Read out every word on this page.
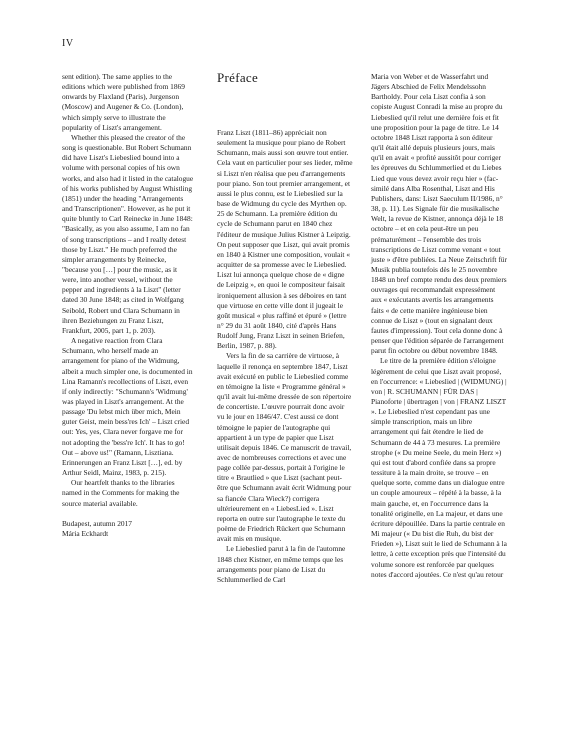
IV

sent edition). The same applies to the editions which were published from 1869 onwards by Flaxland (Paris), Jurgenson (Moscow) and Augener & Co. (London), which simply serve to illustrate the popularity of Liszt's arrangement.

Whether this pleased the creator of the song is questionable. But Robert Schumann did have Liszt's Liebeslied bound into a volume with personal copies of his own works, and also had it listed in the catalogue of his works published by August Whistling (1851) under the heading "Arrangements and Transcriptionen". However, as he put it quite bluntly to Carl Reinecke in June 1848: "Basically, as you also assume, I am no fan of song transcriptions – and I really detest those by Liszt." He much preferred the simpler arrangements by Reinecke, "because you […] pour the music, as it were, into another vessel, without the pepper and ingredients à la Liszt" (letter dated 30 June 1848; as cited in Wolfgang Seibold, Robert und Clara Schumann in ihren Beziehungen zu Franz Liszt, Frankfurt, 2005, part 1, p. 203).

A negative reaction from Clara Schumann, who herself made an arrangement for piano of the Widmung, albeit a much simpler one, is documented in Lina Ramann's recollections of Liszt, even if only indirectly: "Schumann's 'Widmung' was played in Liszt's arrangement. At the passage 'Du lebst mich über mich, Mein guter Geist, mein bess'res Ich' – Liszt cried out: Yes, yes, Clara never forgave me for not adopting the 'bess're Ich'. It has to go! Out – above us!" (Ramann, Lisztiana. Erinnerungen an Franz Liszt […], ed. by Arthur Seidl, Mainz, 1983, p. 215).

Our heartfelt thanks to the libraries named in the Comments for making the source material available.

Budapest, autumn 2017

Mária Eckhardt

Préface

Franz Liszt (1811–86) appréciait non seulement la musique pour piano de Robert Schumann, mais aussi son œuvre tout entier. Cela vaut en particulier pour ses lieder, même si Liszt n'en réalisa que peu d'arrangements pour piano. Son tout premier arrangement, et aussi le plus connu, est le Liebeslied sur la base de Widmung du cycle des Myrthen op. 25 de Schumann. La première édition du cycle de Schumann parut en 1840 chez l'éditeur de musique Julius Kistner à Leipzig. On peut supposer que Liszt, qui avait promis en 1840 à Kistner une composition, voulait « acquitter de sa promesse avec le Liebeslied. Liszt lui annonça quelque chose de « digne de Leipzig », en quoi le compositeur faisait ironiquement allusion à ses déboires en tant que virtuose en cette ville dont il jugeait le goût musical « plus raffiné et épuré » (lettre n° 29 du 31 août 1840, cité d'après Hans Rudolf Jung, Franz Liszt in seinen Briefen, Berlin, 1987, p. 88).

Vers la fin de sa carrière de virtuose, à laquelle il renonça en septembre 1847, Liszt avait exécuté en public le Liebeslied comme en témoigne la liste « Programme général » qu'il avait lui-même dressée de son répertoire de concertiste. L'œuvre pourrait donc avoir vu le jour en 1846/47. C'est aussi ce dont témoigne le papier de l'autographe qui appartient à un type de papier que Liszt utilisait depuis 1846. Ce manuscrit de travail, avec de nombreuses corrections et avec une page collée par-dessus, portait à l'origine le titre « Brautlied » que Liszt (sachant peut-être que Schumann avait écrit Widmung pour sa fiancée Clara Wieck?) corrigera ultérieurement en « LiebesLied ». Liszt reporta en outre sur l'autographe le texte du poème de Friedrich Rückert que Schumann avait mis en musique.

Le Liebeslied parut à la fin de l'automne 1848 chez Kistner, en même temps que les arrangements pour piano de Liszt du Schlummerlied de Carl

Maria von Weber et de Wasserfahrt und Jägers Abschied de Felix Mendelssohn Bartholdy. Pour cela Liszt confia à son copiste August Conradi la mise au propre du Liebeslied qu'il relut une dernière fois et fit une proposition pour la page de titre. Le 14 octobre 1848 Liszt rapporta à son éditeur qu'il était allé depuis plusieurs jours, mais qu'il en avait « profité aussitôt pour corriger les épreuves du Schlummerlied et du Liebes Lied que vous devez avoir reçu hier » (fac-similé dans Alba Rosenthal, Liszt and His Publishers, dans: Liszt Saeculum II/1986, n° 38, p. 11). Les Signale für die musikalische Welt, la revue de Kistner, annonça déjà le 18 octobre – et en cela peut-être un peu prématurément – l'ensemble des trois transcriptions de Liszt comme venant « tout juste » d'être publiées. La Neue Zeitschrift für Musik publia toutefois dès le 25 novembre 1848 un bref compte rendu des deux premiers ouvrages qui recommandait expressément aux « exécutants avertis les arrangements faits « de cette manière ingénieuse bien connue de Liszt » (tout en signalant deux fautes d'impression). Tout cela donne donc à penser que l'édition séparée de l'arrangement parut fin octobre ou début novembre 1848.

Le titre de la première édition s'éloigne légèrement de celui que Liszt avait proposé, en l'occurrence: « Liebeslied | (WIDMUNG) | von | R. SCHUMANN | FÜR DAS | Pianoforte | übertragen | von | FRANZ LISZT ». Le Liebeslied n'est cependant pas une simple transcription, mais un libre arrangement qui fait étendre le lied de Schumann de 44 à 73 mesures. La première strophe (« Du meine Seele, du mein Herz ») qui est tout d'abord confiée dans sa propre tessiture à la main droite, se trouve – en quelque sorte, comme dans un dialogue entre un couple amoureux – répété à la basse, à la main gauche, et, en l'occurrence dans la tonalité originelle, en La majeur, et dans une écriture dépouillée. Dans la partie centrale en Mi majeur (« Du bist die Ruh, du bist der Frieden »), Liszt suit le lied de Schumann à la lettre, à cette exception près que l'intensité du volume sonore est renforcée par quelques notes d'accord ajoutées. Ce n'est qu'au retour
